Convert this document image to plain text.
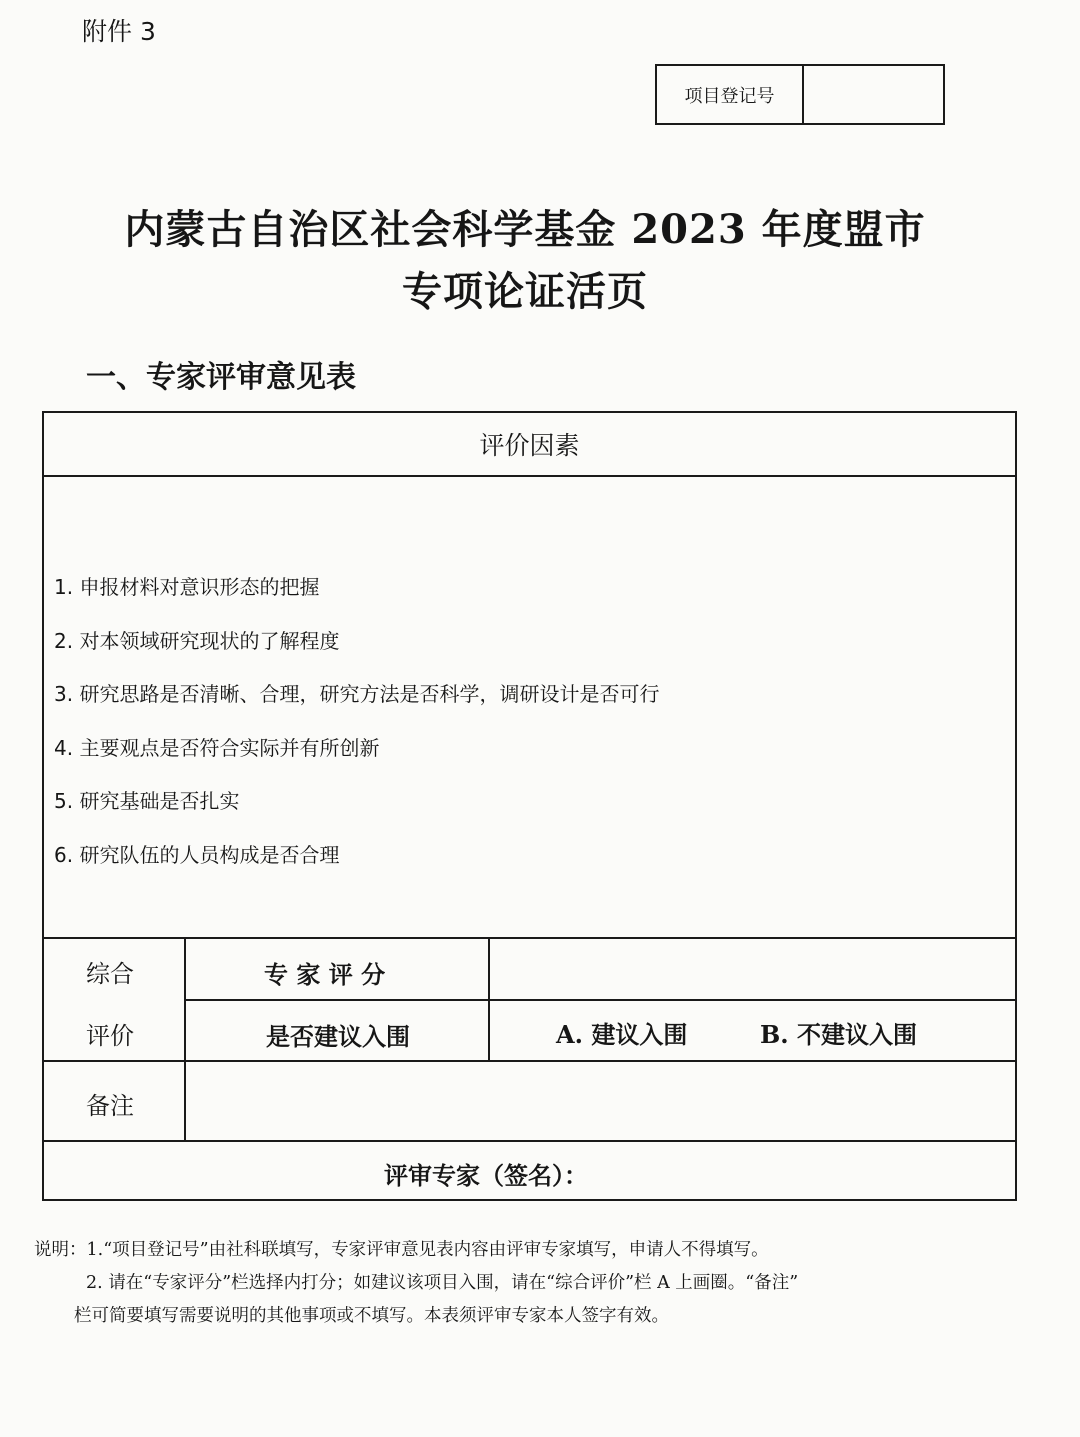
附件 3
项目登记号
内蒙古自治区社会科学基金 2023 年度盟市
专项论证活页
一、专家评审意见表
评价因素
1. 申报材料对意识形态的把握
2. 对本领域研究现状的了解程度
3. 研究思路是否清晰、合理，研究方法是否科学，调研设计是否可行
4. 主要观点是否符合实际并有所创新
5. 研究基础是否扎实
6. 研究队伍的人员构成是否合理
综合
评价
专 家 评 分
是否建议入围	A. 建议入围	B. 不建议入围
备注
评审专家（签名）：
说明：1.“项目登记号”由社科联填写，专家评审意见表内容由评审专家填写，申请人不得填写。
2. 请在“专家评分”栏选择内打分；如建议该项目入围，请在“综合评价”栏 A 上画圈。“备注”
栏可简要填写需要说明的其他事项或不填写。本表须评审专家本人签字有效。
